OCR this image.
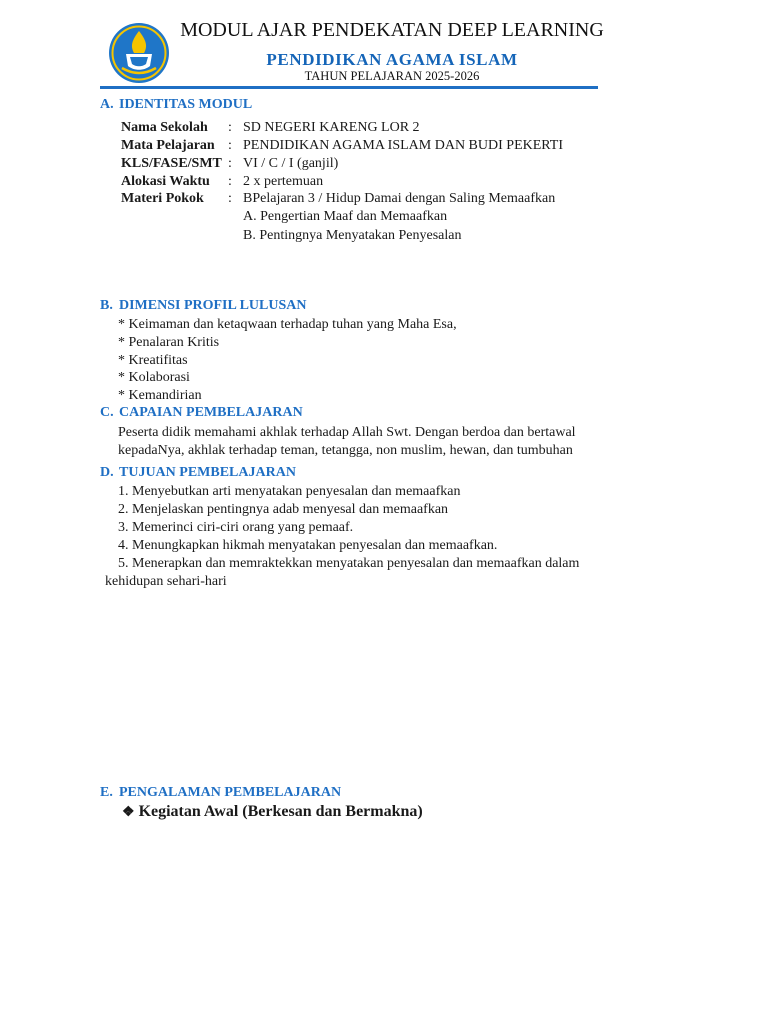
MODUL AJAR PENDEKATAN DEEP LEARNING
PENDIDIKAN AGAMA ISLAM
TAHUN PELAJARAN 2025-2026
A. IDENTITAS MODUL
Nama Sekolah : SD NEGERI KARENG LOR 2
Mata Pelajaran : PENDIDIKAN AGAMA ISLAM DAN BUDI PEKERTI
KLS/FASE/SMT : VI / C / I (ganjil)
Alokasi Waktu : 2 x pertemuan
Materi Pokok : BPelajaran 3 / Hidup Damai dengan Saling Memaafkan
A. Pengertian Maaf dan Memaafkan
B. Pentingnya Menyatakan Penyesalan
B. DIMENSI PROFIL LULUSAN
* Keimaman dan ketaqwaan terhadap tuhan yang Maha Esa,
* Penalaran Kritis
* Kreatifitas
* Kolaborasi
* Kemandirian
C. CAPAIAN PEMBELAJARAN
Peserta didik memahami akhlak terhadap Allah Swt. Dengan berdoa dan bertawal
kepadaNya, akhlak terhadap teman, tetangga, non muslim, hewan, dan tumbuhan
D. TUJUAN PEMBELAJARAN
1. Menyebutkan arti menyatakan penyesalan dan memaafkan
2. Menjelaskan pentingnya adab menyesal dan memaafkan
3. Memerinci ciri-ciri orang yang pemaaf.
4. Menungkapkan hikmah menyatakan penyesalan dan memaafkan.
5. Menerapkan dan memraktekkan menyatakan penyesalan dan memaafkan dalam
kehidupan sehari-hari
E. PENGALAMAN PEMBELAJARAN
❖ Kegiatan Awal (Berkesan dan Bermakna)
